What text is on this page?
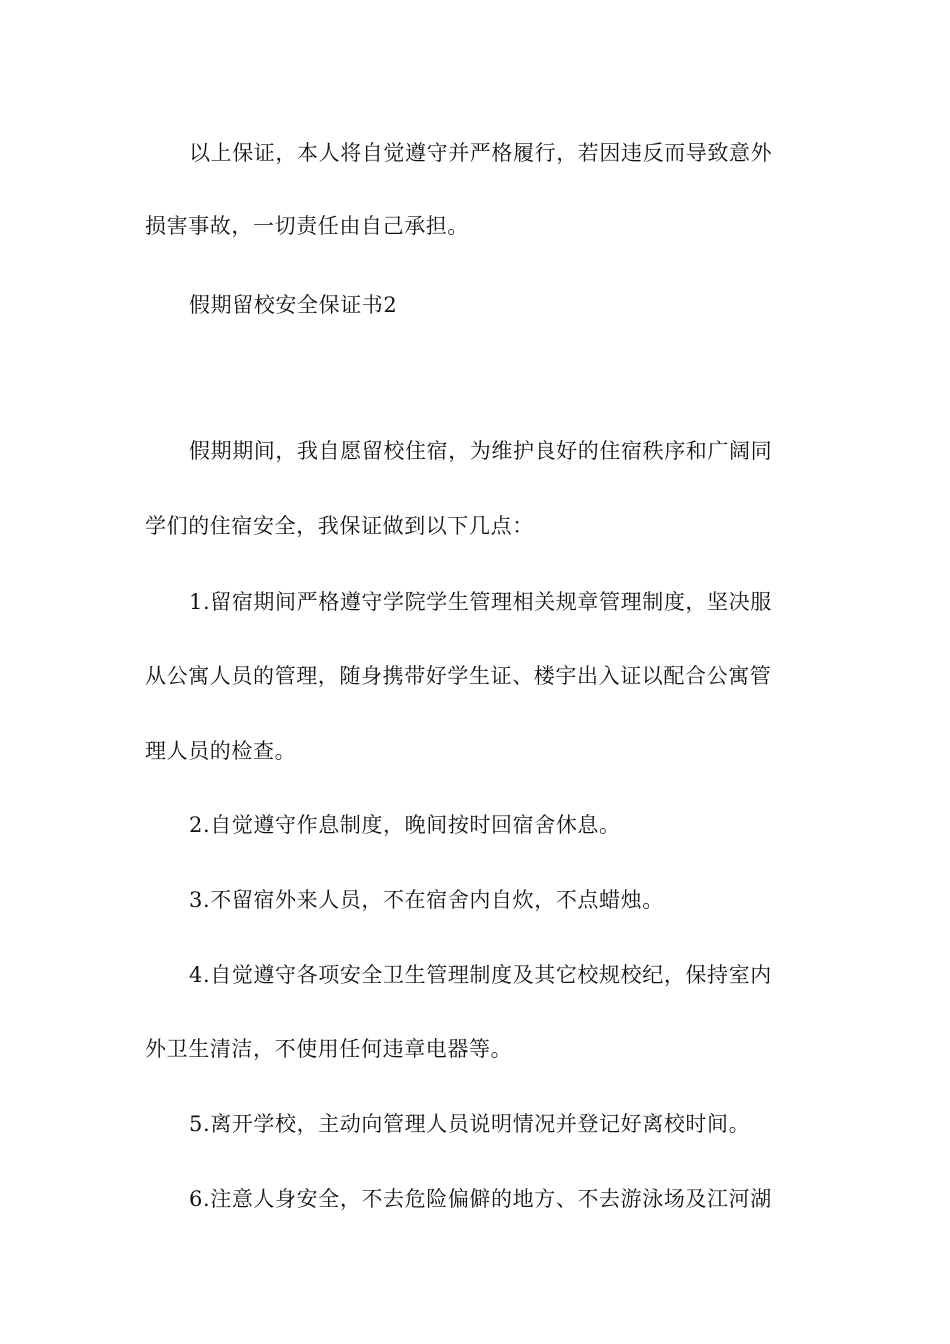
以上保证，本人将自觉遵守并严格履行，若因违反而导致意外
损害事故，一切责任由自己承担。
假期留校安全保证书2
假期期间，我自愿留校住宿，为维护良好的住宿秩序和广阔同
学们的住宿安全，我保证做到以下几点：
1.留宿期间严格遵守学院学生管理相关规章管理制度，坚决服
从公寓人员的管理，随身携带好学生证、楼宇出入证以配合公寓管
理人员的检查。
2.自觉遵守作息制度，晚间按时回宿舍休息。
3.不留宿外来人员，不在宿舍内自炊，不点蜡烛。
4.自觉遵守各项安全卫生管理制度及其它校规校纪，保持室内
外卫生清洁，不使用任何违章电器等。
5.离开学校，主动向管理人员说明情况并登记好离校时间。
6.注意人身安全，不去危险偏僻的地方、不去游泳场及江河湖
